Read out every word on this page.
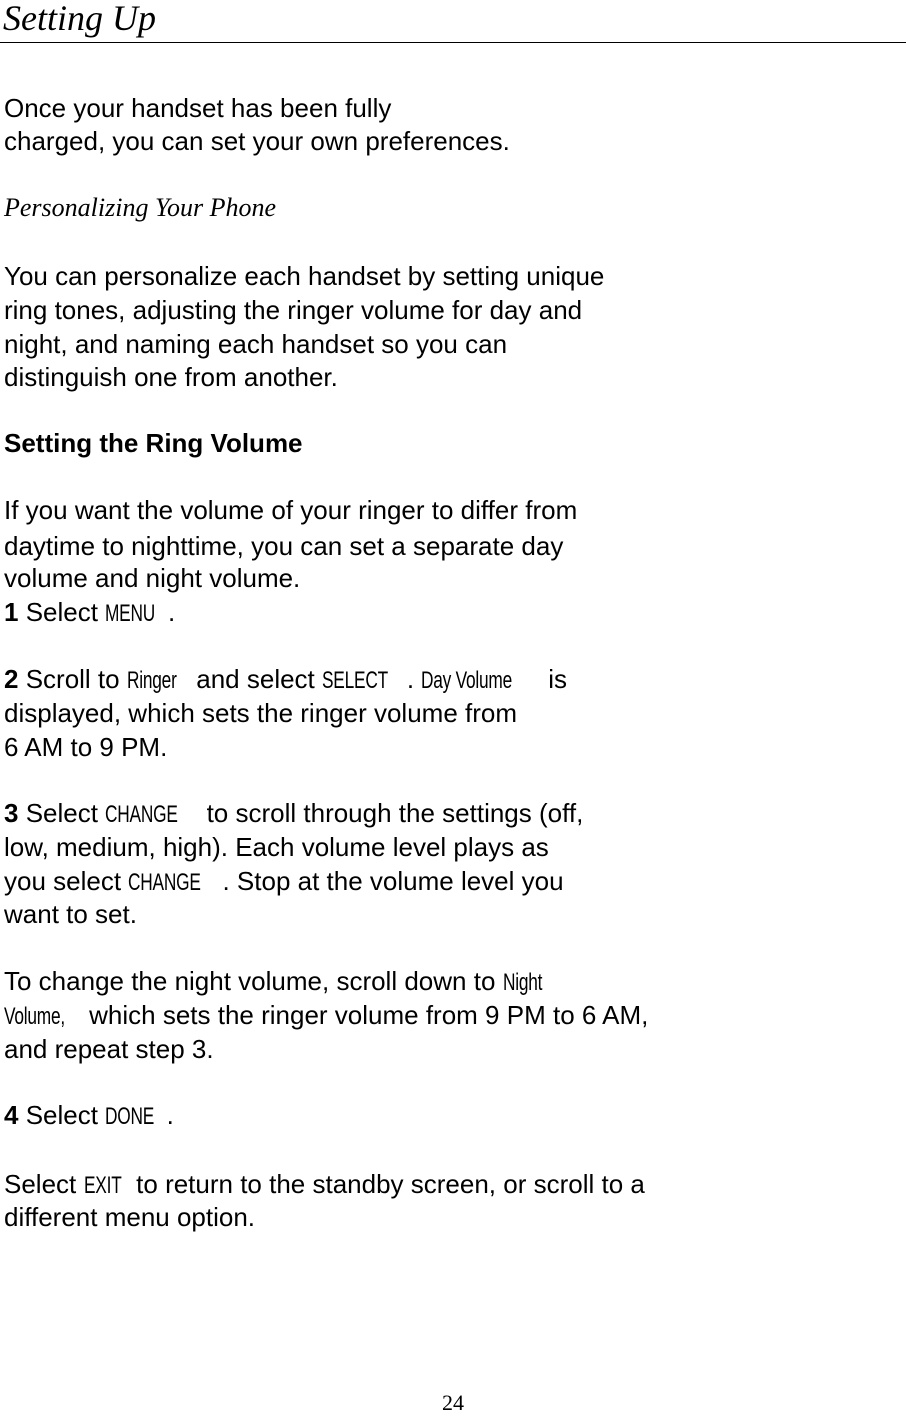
Setting Up
Once your handset has been fully
charged, you can set your own preferences.
Personalizing Your Phone
You can personalize each handset by setting unique
ring tones, adjusting the ringer volume for day and
night, and naming each handset so you can
distinguish one from another.
Setting the Ring Volume
If you want the volume of your ringer to differ from
daytime to nighttime, you can set a separate day
volume and night volume.
1 Select MENU .
2 Scroll to Ringer and select SELECT . Day Volume is
displayed, which sets the ringer volume from
6 AM to 9 PM.
3 Select CHANGE to scroll through the settings (off,
low, medium, high). Each volume level plays as
you select CHANGE . Stop at the volume level you
want to set.
To change the night volume, scroll down to Night
Volume, which sets the ringer volume from 9 PM to 6 AM,
and repeat step 3.
4 Select DONE .
Select EXIT to return to the standby screen, or scroll to a
different menu option.
24
